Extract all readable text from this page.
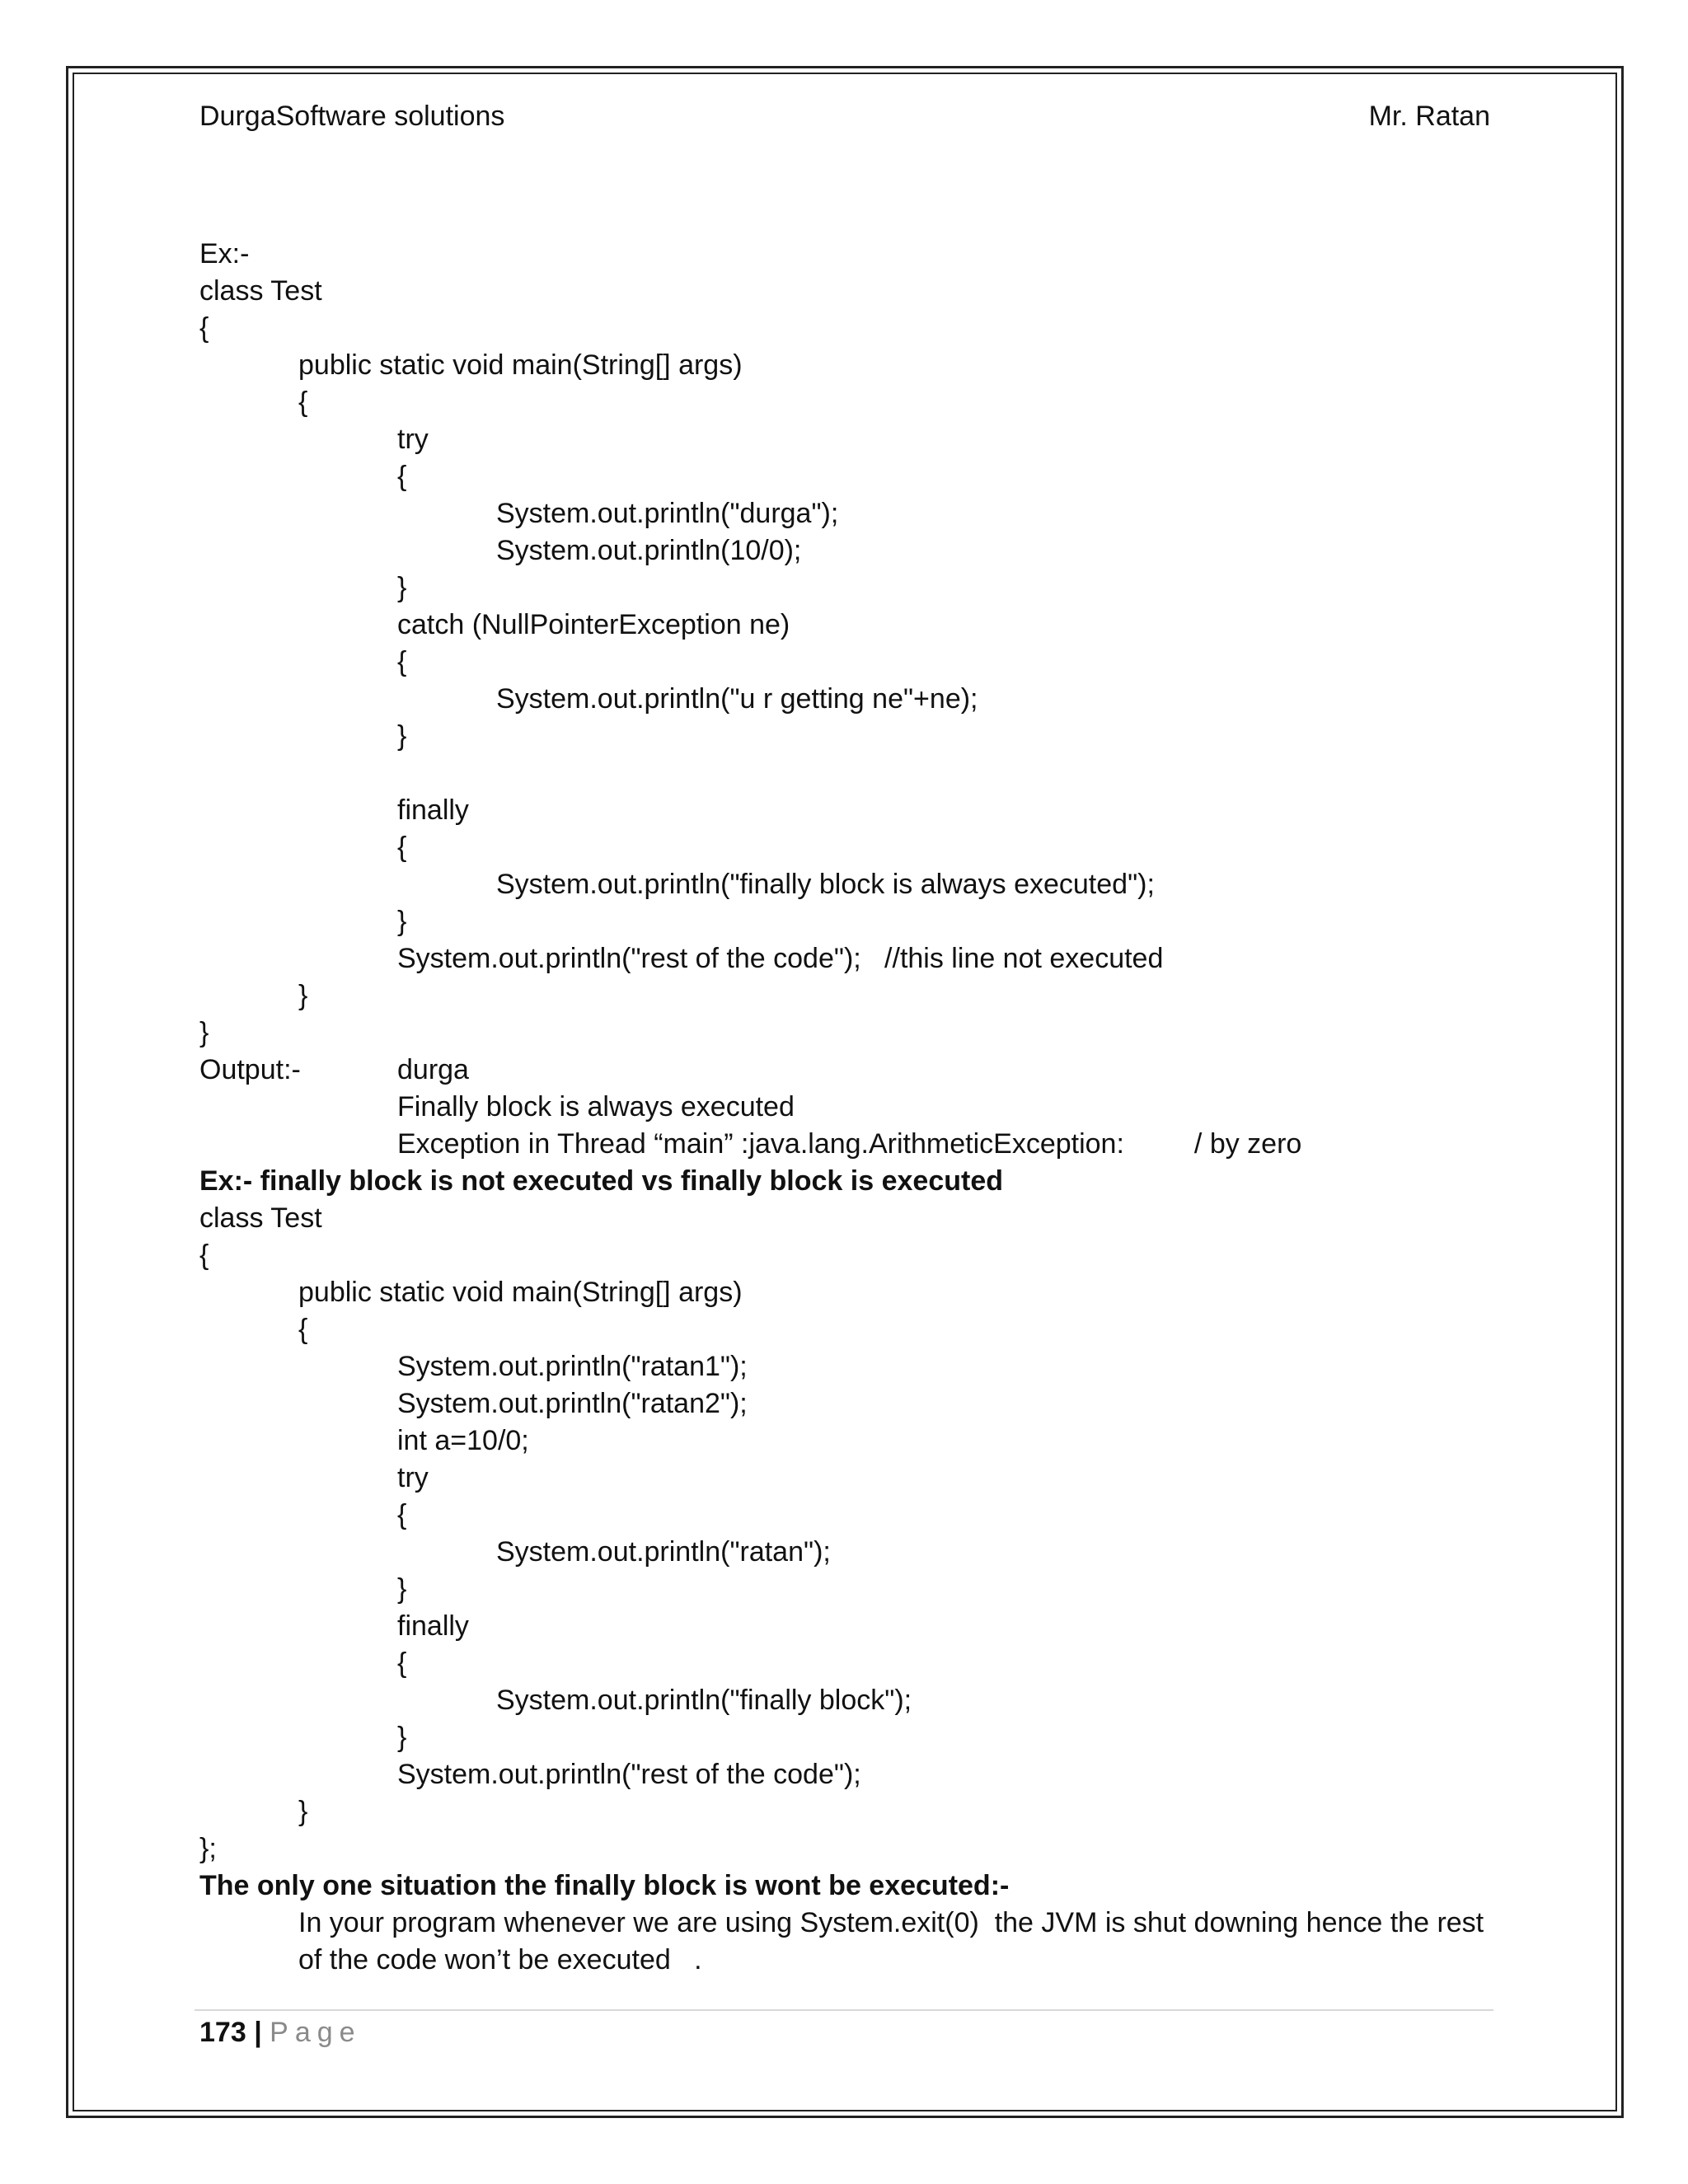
DurgaSoftware solutions	Mr. Ratan
Ex:-
class Test
{
public static void main(String[] args)
{
try
{
System.out.println("durga");
System.out.println(10/0);
}
catch (NullPointerException ne)
{
System.out.println("u r getting ne"+ne);
}
finally
{
System.out.println("finally block is always executed");
}
System.out.println("rest of the code");   //this line not executed
}
}
Output:-	durga
Finally block is always executed
Exception in Thread “main” :java.lang.ArithmeticException:         / by zero
Ex:- finally block is not executed vs finally block is executed
class Test
{
public static void main(String[] args)
{
System.out.println("ratan1");
System.out.println("ratan2");
int a=10/0;
try
{
System.out.println("ratan");
}
finally
{
System.out.println("finally block");
}
System.out.println("rest of the code");
}
};
The only one situation the finally block is wont be executed:-
In your program whenever we are using System.exit(0)  the JVM is shut downing hence the rest
of the code won’t be executed   .
173 | Page
